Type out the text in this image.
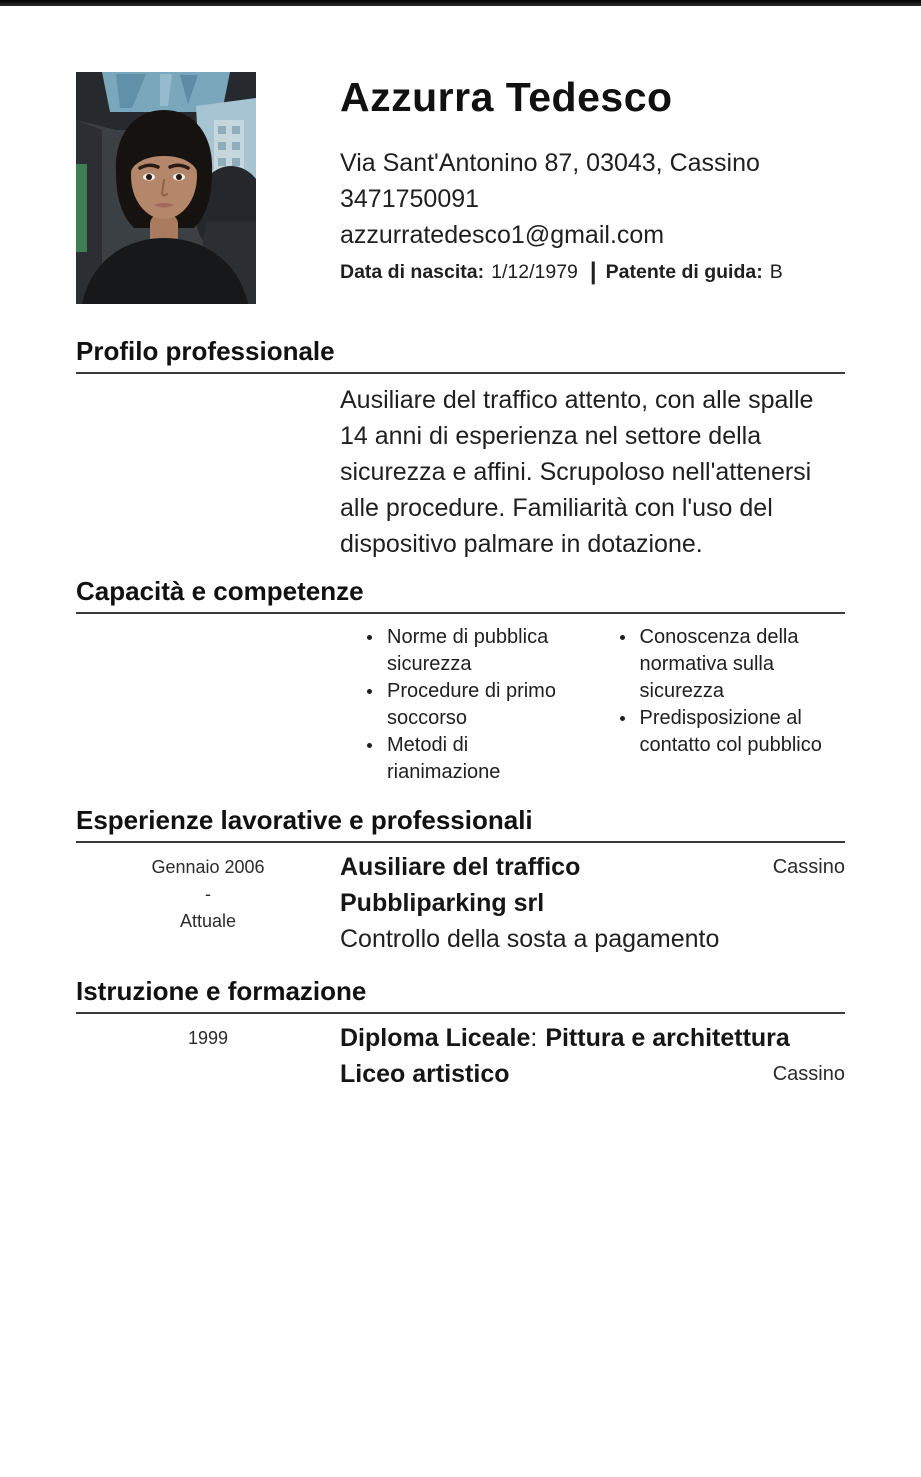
Azzurra Tedesco
Via Sant'Antonino 87, 03043, Cassino
3471750091
azzurratedesco1@gmail.com
Data di nascita: 1/12/1979 | Patente di guida: B
Profilo professionale
Ausiliare del traffico attento, con alle spalle 14 anni di esperienza nel settore della sicurezza e affini. Scrupoloso nell'attenersi alle procedure. Familiarità con l'uso del dispositivo palmare in dotazione.
Capacità e competenze
• Norme di pubblica sicurezza
• Procedure di primo soccorso
• Metodi di rianimazione
• Conoscenza della normativa sulla sicurezza
• Predisposizione al contatto col pubblico
Esperienze lavorative e professionali
Gennaio 2006
-
Attuale
Ausiliare del traffico	Cassino
Pubbliparking srl
Controllo della sosta a pagamento
Istruzione e formazione
1999	Diploma Liceale: Pittura e architettura
Liceo artistico	Cassino
